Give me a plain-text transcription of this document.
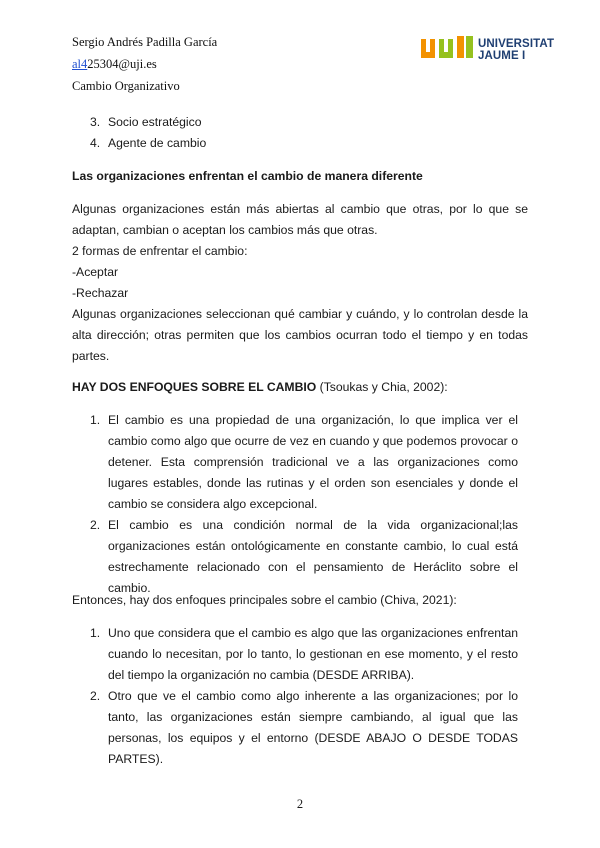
Sergio Andrés Padilla García
al425304@uji.es
Cambio Organizativo
UNIVERSITAT
JAUME I
3. Socio estratégico
4. Agente de cambio
Las organizaciones enfrentan el cambio de manera diferente
Algunas organizaciones están más abiertas al cambio que otras, por lo que se adaptan, cambian o aceptan los cambios más que otras.
2 formas de enfrentar el cambio:
-Aceptar
-Rechazar
Algunas organizaciones seleccionan qué cambiar y cuándo, y lo controlan desde la alta dirección; otras permiten que los cambios ocurran todo el tiempo y en todas partes.
HAY DOS ENFOQUES SOBRE EL CAMBIO (Tsoukas y Chia, 2002):
1. El cambio es una propiedad de una organización, lo que implica ver el cambio como algo que ocurre de vez en cuando y que podemos provocar o detener. Esta comprensión tradicional ve a las organizaciones como lugares estables, donde las rutinas y el orden son esenciales y donde el cambio se considera algo excepcional.
2. El cambio es una condición normal de la vida organizacional;las organizaciones están ontológicamente en constante cambio, lo cual está estrechamente relacionado con el pensamiento de Heráclito sobre el cambio.
Entonces, hay dos enfoques principales sobre el cambio (Chiva, 2021):
1. Uno que considera que el cambio es algo que las organizaciones enfrentan cuando lo necesitan, por lo tanto, lo gestionan en ese momento, y el resto del tiempo la organización no cambia (DESDE ARRIBA).
2. Otro que ve el cambio como algo inherente a las organizaciones; por lo tanto, las organizaciones están siempre cambiando, al igual que las personas, los equipos y el entorno (DESDE ABAJO O DESDE TODAS PARTES).
2
